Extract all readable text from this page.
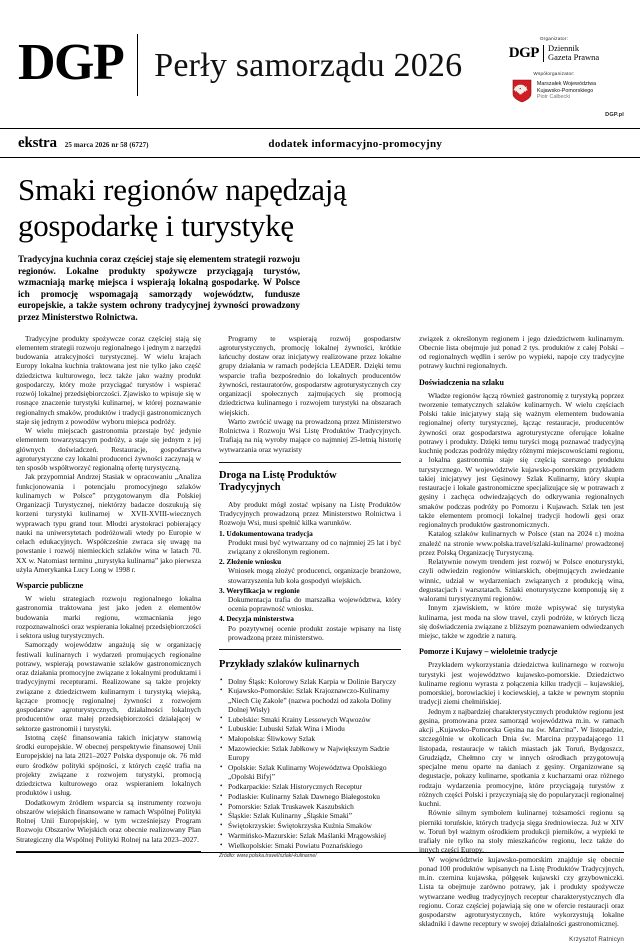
DGP Perły samorządu 2026
Organizator:
DGP Dziennik
Gazeta Prawna
Współorganizator:
Marszałek Województwa
Kujawsko-Pomorskiego
Piotr Całbecki
DGP.pl
ekstra 25 marca 2026 nr 58 (6727)	dodatek informacyjno-promocyjny
Smaki regionów napędzają
gospodarkę i turystykę

Tradycyjna kuchnia coraz częściej staje się elementem strategii rozwoju regionów. Lokalne produkty spożywcze przyciągają turystów, wzmacniają markę miejsca i wspierają lokalną gospodarkę. W Polsce ich promocję wspomagają samorządy województw, fundusze europejskie, a także system ochrony tradycyjnej żywności prowadzony przez Ministerstwo Rolnictwa.

Tradycyjne produkty spożywcze coraz częściej stają się elementem strategii rozwoju regionalnego i jednym z narzędzi budowania atrakcyjności turystycznej. W wielu krajach Europy lokalna kuchnia traktowana jest nie tylko jako część dziedzictwa kulturowego, lecz także jako ważny produkt gospodarczy, który może przyciągać turystów i wspierać rozwój lokalnej przedsiębiorczości. Zjawisko to wpisuje się w rosnące znaczenie turystyki kulinarnej, w której poznawanie regionalnych smaków, produktów i tradycji gastronomicznych staje się jednym z powodów wyboru miejsca podróży.

W wielu miejscach gastronomia przestaje być jedynie elementem towarzyszącym podróży, a staje się jednym z jej głównych doświadczeń. Restauracje, gospodarstwa agroturystyczne czy lokalni producenci żywności zaczynają w ten sposób współtworzyć regionalną ofertę turystyczną.

Jak przypomniał Andrzej Stasiak w opracowaniu „Analiza funkcjonowania i potencjału promocyjnego szlaków kulinarnych w Polsce” przygotowanym dla Polskiej Organizacji Turystycznej, niektórzy badacze doszukują się korzeni turystyki kulinarnej w XVII-XVIII-wiecznych wyprawach typu grand tour. Młodzi arystokraci pobierający nauki na uniwersytetach podróżowali wtedy po Europie w celach edukacyjnych. Współcześnie zwraca się uwagę na powstanie i rozwój niemieckich szlaków wina w latach 70. XX w. Natomiast terminu „turystyka kulinarna” jako pierwsza użyła Amerykanka Lucy Long w 1998 r.

Wsparcie publiczne

W wielu strategiach rozwoju regionalnego lokalna gastronomia traktowana jest jako jeden z elementów budowania marki regionu, wzmacniania jego rozpoznawalności oraz wspierania lokalnej przedsiębiorczości i sektora usług turystycznych.

Samorządy województw angażują się w organizację festiwali kulinarnych i wydarzeń promujących regionalne potrawy, wspierają powstawanie szlaków gastronomicznych oraz działania promocyjne związane z lokalnymi produktami i tradycyjnymi recepturami. Realizowane są także projekty związane z dziedzictwem kulinarnym i turystyką wiejską, łączące promocję regionalnej żywności z rozwojem gospodarstw agroturystycznych, działalności lokalnych producentów oraz małej przedsiębiorczości działającej w sektorze gastronomii i turystyki.

Istotną część finansowania takich inicjatyw stanowią środki europejskie. W obecnej perspektywie finansowej Unii Europejskiej na lata 2021–2027 Polska dysponuje ok. 76 mld euro środków polityki spójności, z których część trafia na projekty związane z rozwojem turystyki, promocją dziedzictwa kulturowego oraz wspieraniem lokalnych produktów i usług.

Dodatkowym źródłem wsparcia są instrumenty rozwoju obszarów wiejskich finansowane w ramach Wspólnej Polityki Rolnej Unii Europejskiej, w tym wcześniejszy Program Rozwoju Obszarów Wiejskich oraz obecnie realizowany Plan Strategiczny dla Wspólnej Polityki Rolnej na lata 2023–2027.

Programy te wspierają rozwój gospodarstw agroturystycznych, promocję lokalnej żywności, krótkie łańcuchy dostaw oraz inicjatywy realizowane przez lokalne grupy działania w ramach podejścia LEADER. Dzięki temu wsparcie trafia bezpośrednio do lokalnych producentów żywności, restauratorów, gospodarstw agroturystycznych czy organizacji społecznych zajmujących się promocją dziedzictwa kulinarnego i rozwojem turystyki na obszarach wiejskich.

Warto zwrócić uwagę na prowadzoną przez Ministerstwo Rolnictwa i Rozwoju Wsi Listę Produktów Tradycyjnych. Trafiają na nią wyroby mające co najmniej 25-letnią historię wytwarzania oraz wyrazisty

Droga na Listę Produktów
Tradycyjnych

Aby produkt mógł zostać wpisany na Listę Produktów Tradycyjnych prowadzoną przez Ministerstwo Rolnictwa i Rozwoju Wsi, musi spełnić kilka warunków.

1. Udokumentowana tradycja
Produkt musi być wytwarzany od co najmniej 25 lat i być związany z określonym regionem.
2. Złożenie wniosku
Wniosek mogą złożyć producenci, organizacje branżowe, stowarzyszenia lub koła gospodyń wiejskich.
3. Weryfikacja w regionie
Dokumentacja trafia do marszałka województwa, który ocenia poprawność wniosku.
4. Decyzja ministerstwa
Po pozytywnej ocenie produkt zostaje wpisany na listę prowadzoną przez ministerstwo.
Przykłady szlaków kulinarnych
• Dolny Śląsk: Kolorowy Szlak Karpia w Dolinie Baryczy
• Kujawsko-Pomorskie: Szlak Krajoznawczo-Kulinarny „Niech Cię Zakole” (nazwa pochodzi od zakola Doliny Dolnej Wisły)
• Lubelskie: Smaki Krainy Lessowych Wąwozów
• Lubuskie: Lubuski Szlak Wina i Miodu
• Małopolska: Śliwkowy Szlak
• Mazowieckie: Szlak Jabłkowy w Największym Sadzie Europy
• Opolskie: Szlak Kulinarny Województwa Opolskiego „Opolski Bifyj”
• Podkarpackie: Szlak Historycznych Receptur
• Podlaskie: Kulinarny Szlak Dawnego Białegostoku
• Pomorskie: Szlak Truskawek Kaszubskich
• Śląskie: Szlak Kulinarny „Śląskie Smaki”
• Świętokrzyskie: Świętokrzyska Kuźnia Smaków
• Warmińsko-Mazurskie: Szlak Maślanki Mrągowskiej
• Wielkopolskie: Smaki Powiatu Poznańskiego
Źródło: www.polska.travel/szlaki-kulinarne/

związek z określonym regionem i jego dziedzictwem kulinarnym. Obecnie lista obejmuje już ponad 2 tys. produktów z całej Polski – od regionalnych wędlin i serów po wypieki, napoje czy tradycyjne potrawy kuchni regionalnych.

Doświadczenia na szlaku

Władze regionów łączą również gastronomię z turystyką poprzez tworzenie tematycznych szlaków kulinarnych. W wielu częściach Polski takie inicjatywy stają się ważnym elementem budowania regionalnej oferty turystycznej, łącząc restauracje, producentów żywności oraz gospodarstwa agroturystyczne oferujące lokalne potrawy i produkty. Dzięki temu turyści mogą poznawać tradycyjną kuchnię podczas podróży między różnymi miejscowościami regionu, a lokalna gastronomia staje się częścią szerszego produktu turystycznego. W województwie kujawsko-pomorskim przykładem takiej inicjatywy jest Gęsinowy Szlak Kulinarny, który skupia restauracje i lokale gastronomiczne specjalizujące się w potrawach z gęsiny i zachęca odwiedzających do odkrywania regionalnych smaków podczas podróży po Pomorzu i Kujawach. Szlak ten jest także elementem promocji lokalnej tradycji hodowli gęsi oraz regionalnych produktów gastronomicznych.

Katalog szlaków kulinarnych w Polsce (stan na 2024 r.) można znaleźć na stronie www.polska.travel/szlaki-kulinarne/ prowadzonej przez Polską Organizację Turystyczną.

Relatywnie nowym trendem jest rozwój w Polsce enoturystyki, czyli odwiedzin regionów winiarskich, obejmujących zwiedzanie winnic, udział w wydarzeniach związanych z produkcją wina, degustacjach i warsztatach. Szlaki enoturystyczne komponują się z walorami turystycznymi regionów.

Innym zjawiskiem, w które może wpisywać się turystyka kulinarna, jest moda na slow travel, czyli podróże, w których liczą się doświadczenia związane z bliższym poznawaniem odwiedzanych miejsc, także w zgodzie z naturą.

Pomorze i Kujawy – wieloletnie tradycje

Przykładem wykorzystania dziedzictwa kulinarnego w rozwoju turystyki jest województwo kujawsko-pomorskie. Dziedzictwo kulinarne regionu wyrasta z połączenia kilku tradycji – kujawskiej, pomorskiej, borowiackiej i kociewskiej, a także w pewnym stopniu tradycji ziemi chełmińskiej.

Jednym z najbardziej charakterystycznych produktów regionu jest gęsina, promowana przez samorząd województwa m.in. w ramach akcji „Kujawsko-Pomorska Gęsina na św. Marcina”. W listopadzie, szczególnie w okolicach Dnia św. Marcina przypadającego 11 listopada, restauracje w takich miastach jak Toruń, Bydgoszcz, Grudziądz, Chełmno czy w innych ośrodkach przygotowują specjalne menu oparte na daniach z gęsiny. Organizowane są degustacje, pokazy kulinarne, spotkania z kucharzami oraz różnego rodzaju wydarzenia promocyjne, które przyciągają turystów z różnych części Polski i przyczyniają się do popularyzacji regionalnej kuchni.

Równie silnym symbolem kulinarnej tożsamości regionu są pierniki toruńskie, których tradycja sięga średniowiecza. Już w XIV w. Toruń był ważnym ośrodkiem produkcji pierników, a wypieki te trafiały nie tylko na stoły mieszkańców regionu, lecz także do innych części Europy.

W województwie kujawsko-pomorskim znajduje się obecnie ponad 100 produktów wpisanych na Listę Produktów Tradycyjnych, m.in. czernina kujawska, półgęsek kujawski czy grzybowniczki. Lista ta obejmuje zarówno potrawy, jak i produkty spożywcze wytwarzane według tradycyjnych receptur charakterystycznych dla regionu. Coraz częściej pojawiają się one w ofercie restauracji oraz gospodarstw agroturystycznych, które wykorzystują lokalne składniki i dawne receptury w swojej działalności gastronomicznej.

Krzysztof Ratnicyn
